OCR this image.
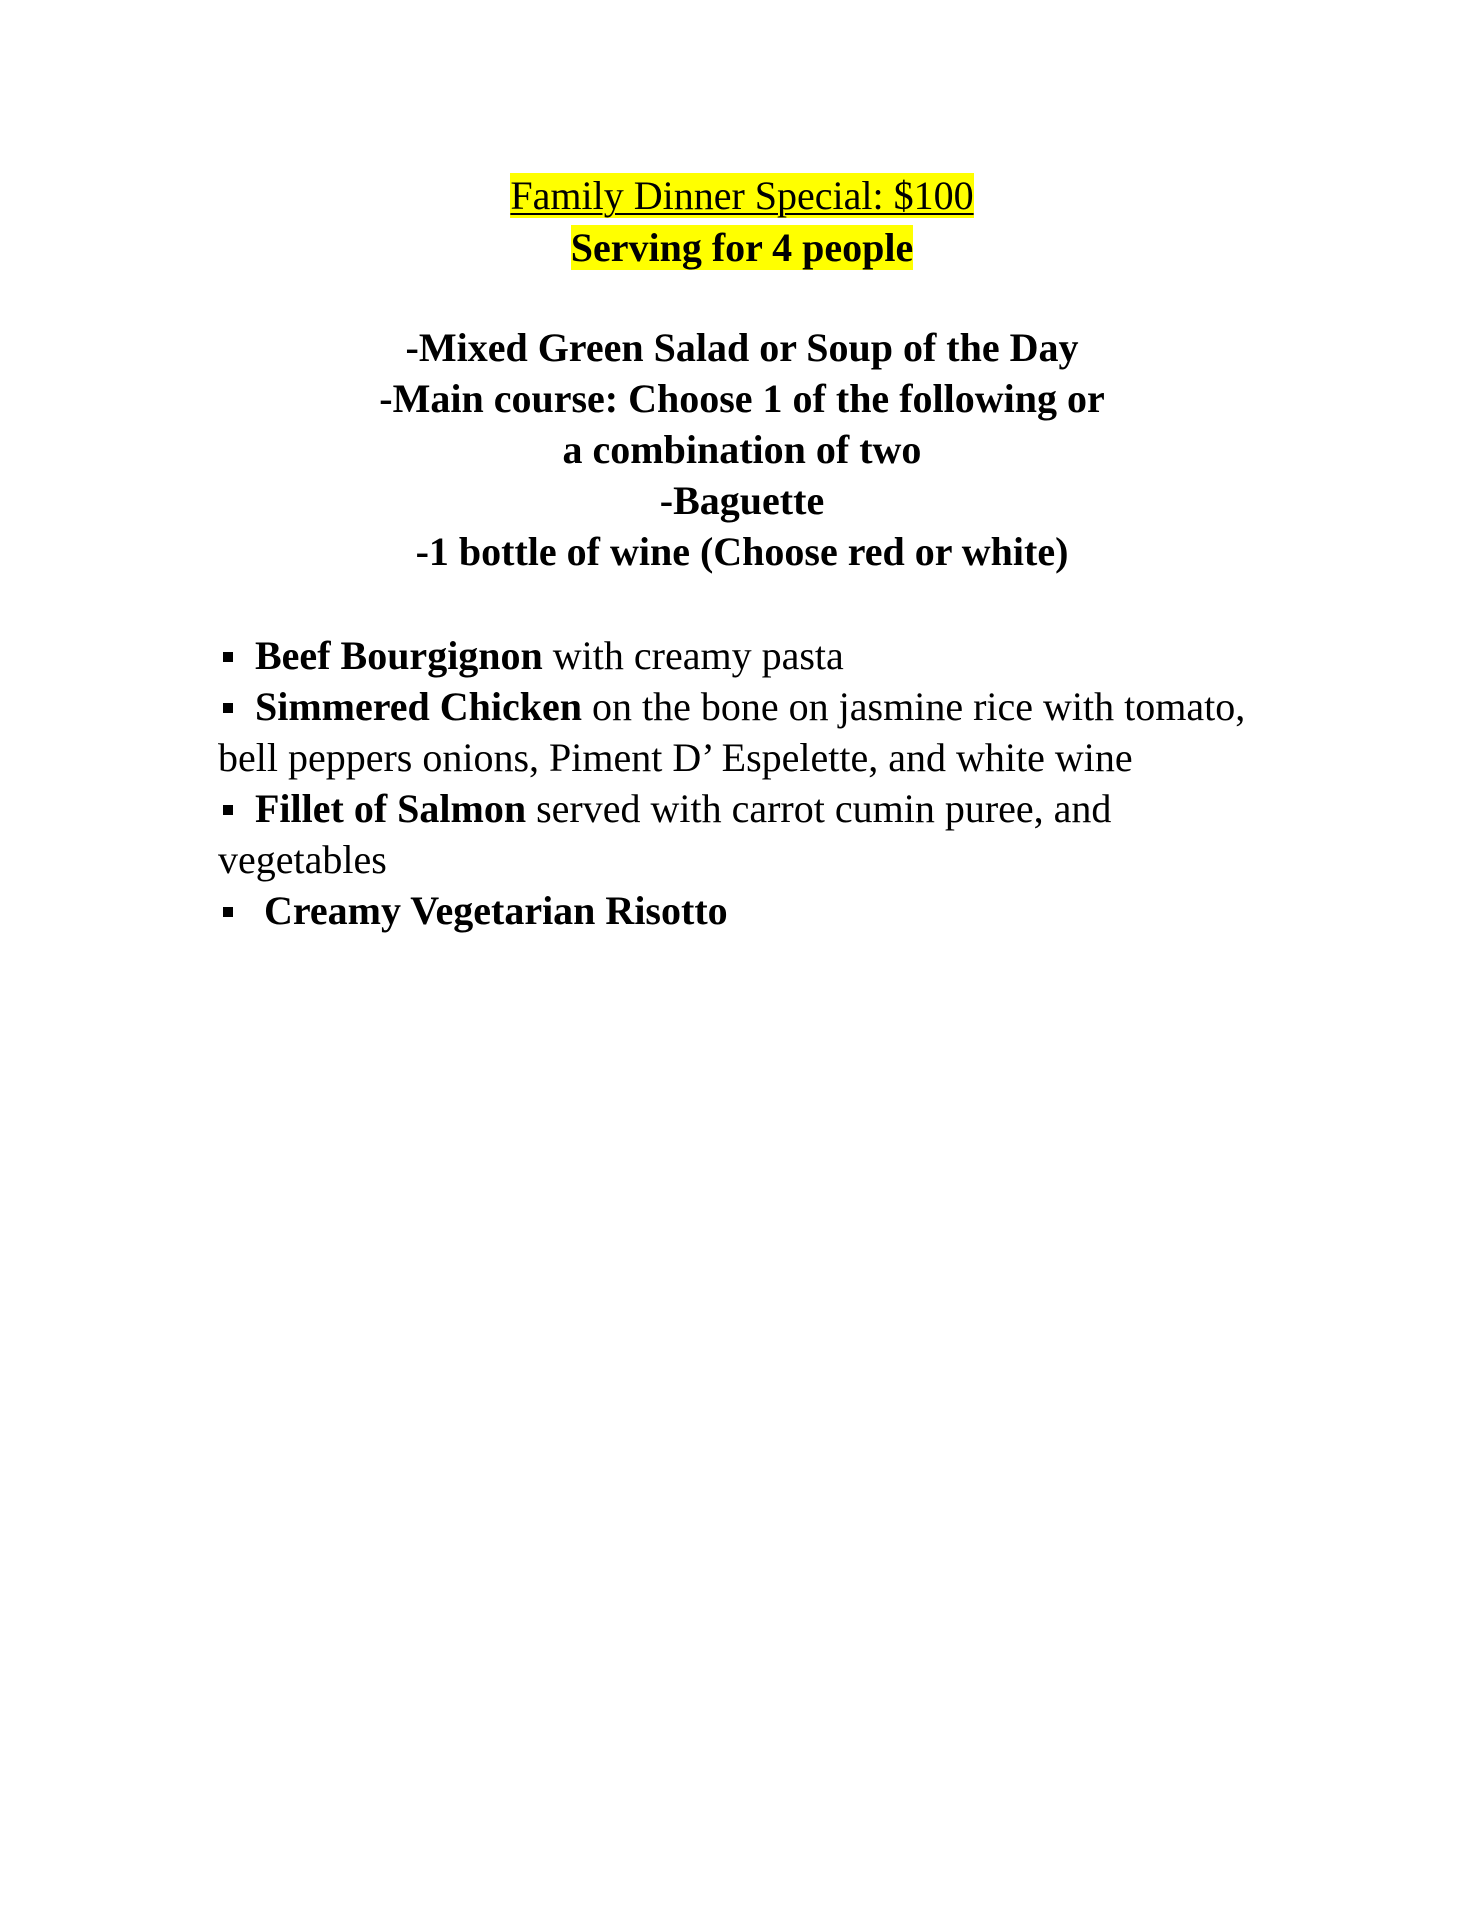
Family Dinner Special: $100
Serving for 4 people
-Mixed Green Salad or Soup of the Day
-Main course: Choose 1 of the following or
a combination of two
-Baguette
-1 bottle of wine (Choose red or white)

Beef Bourgignon with creamy pasta

Simmered Chicken on the bone on jasmine rice with tomato, bell peppers onions, Piment D’ Espelette, and white wine

Fillet of Salmon served with carrot cumin puree, and vegetables

Creamy Vegetarian Risotto
